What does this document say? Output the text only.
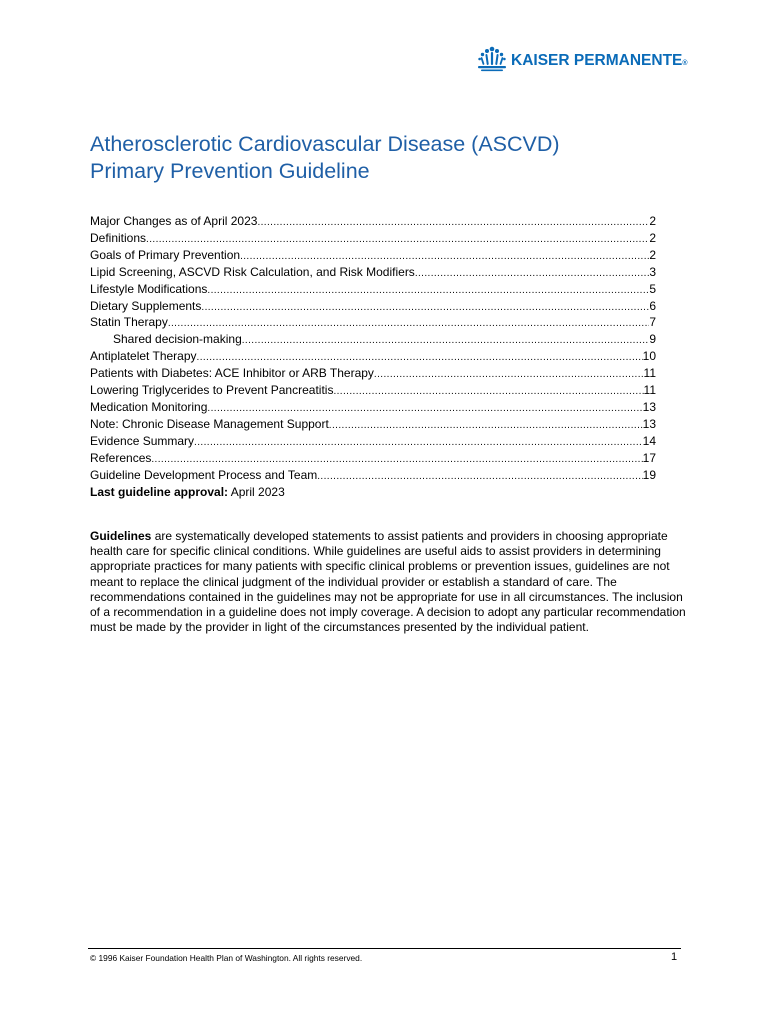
KAISER PERMANENTE®
Atherosclerotic Cardiovascular Disease (ASCVD)
Primary Prevention Guideline
Major Changes as of April 2023 .....	2
Definitions .....	2
Goals of Primary Prevention .....	2
Lipid Screening, ASCVD Risk Calculation, and Risk Modifiers .....	3
Lifestyle Modifications .....	5
Dietary Supplements .....	6
Statin Therapy .....	7
Shared decision-making .....	9
Antiplatelet Therapy .....	10
Patients with Diabetes: ACE Inhibitor or ARB Therapy .....	11
Lowering Triglycerides to Prevent Pancreatitis .....	11
Medication Monitoring .....	13
Note: Chronic Disease Management Support .....	13
Evidence Summary .....	14
References .....	17
Guideline Development Process and Team .....	19

Last guideline approval: April 2023

Guidelines are systematically developed statements to assist patients and providers in choosing appropriate health care for specific clinical conditions. While guidelines are useful aids to assist providers in determining appropriate practices for many patients with specific clinical problems or prevention issues, guidelines are not meant to replace the clinical judgment of the individual provider or establish a standard of care. The recommendations contained in the guidelines may not be appropriate for use in all circumstances. The inclusion of a recommendation in a guideline does not imply coverage. A decision to adopt any particular recommendation must be made by the provider in light of the circumstances presented by the individual patient.

© 1996 Kaiser Foundation Health Plan of Washington. All rights reserved.	1
